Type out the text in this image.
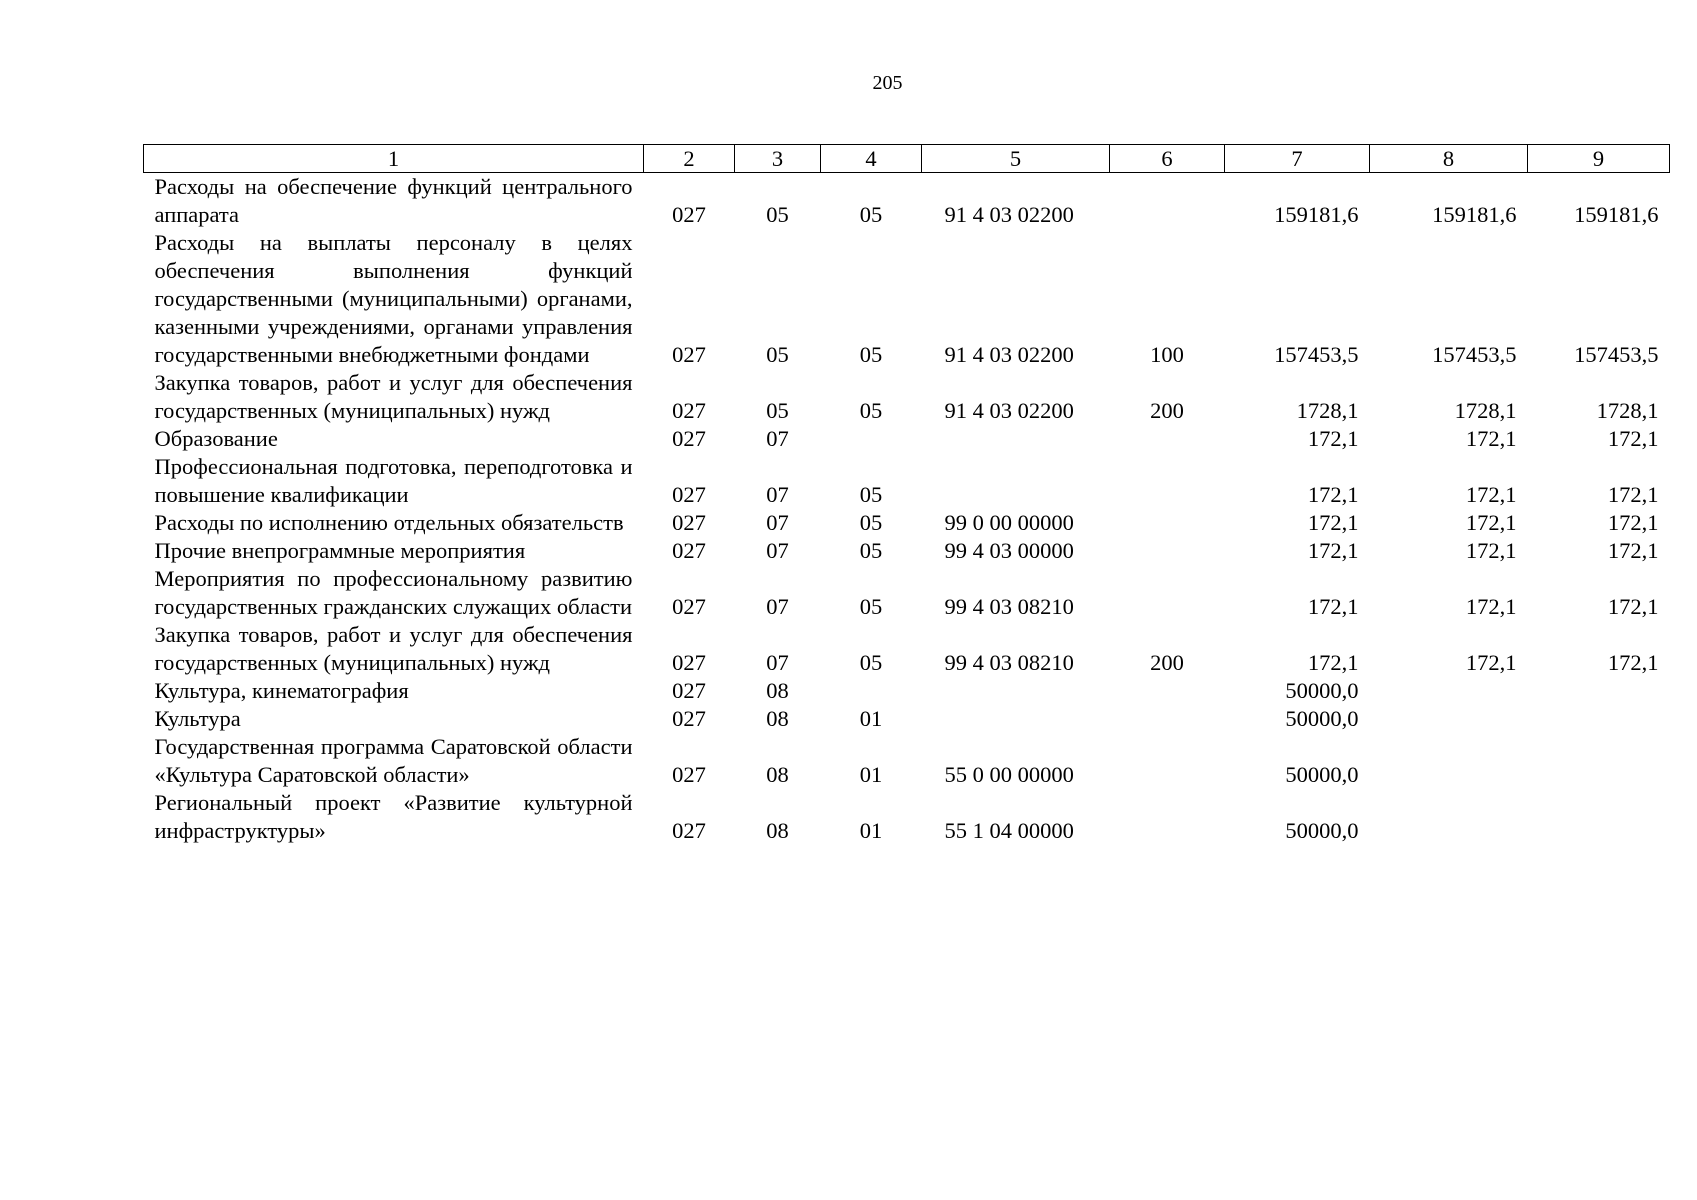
205
1	2	3	4	5	6	7	8	9
Расходы на обеспечение функций центрального аппарата	027	05	05	91 4 03 02200		159181,6	159181,6	159181,6
Расходы на выплаты персоналу в целях обеспечения выполнения функций государственными (муниципальными) органами, казенными учреждениями, органами управления государственными внебюджетными фондами	027	05	05	91 4 03 02200	100	157453,5	157453,5	157453,5
Закупка товаров, работ и услуг для обеспечения государственных (муниципальных) нужд	027	05	05	91 4 03 02200	200	1728,1	1728,1	1728,1
Образование	027	07				172,1	172,1	172,1
Профессиональная подготовка, переподготовка и повышение квалификации	027	07	05			172,1	172,1	172,1
Расходы по исполнению отдельных обязательств	027	07	05	99 0 00 00000		172,1	172,1	172,1
Прочие внепрограммные мероприятия	027	07	05	99 4 03 00000		172,1	172,1	172,1
Мероприятия по профессиональному развитию государственных гражданских служащих области	027	07	05	99 4 03 08210		172,1	172,1	172,1
Закупка товаров, работ и услуг для обеспечения государственных (муниципальных) нужд	027	07	05	99 4 03 08210	200	172,1	172,1	172,1
Культура, кинематография	027	08				50000,0		
Культура	027	08	01			50000,0		
Государственная программа Саратовской области «Культура Саратовской области»	027	08	01	55 0 00 00000		50000,0		
Региональный проект «Развитие культурной инфраструктуры»	027	08	01	55 1 04 00000		50000,0		
